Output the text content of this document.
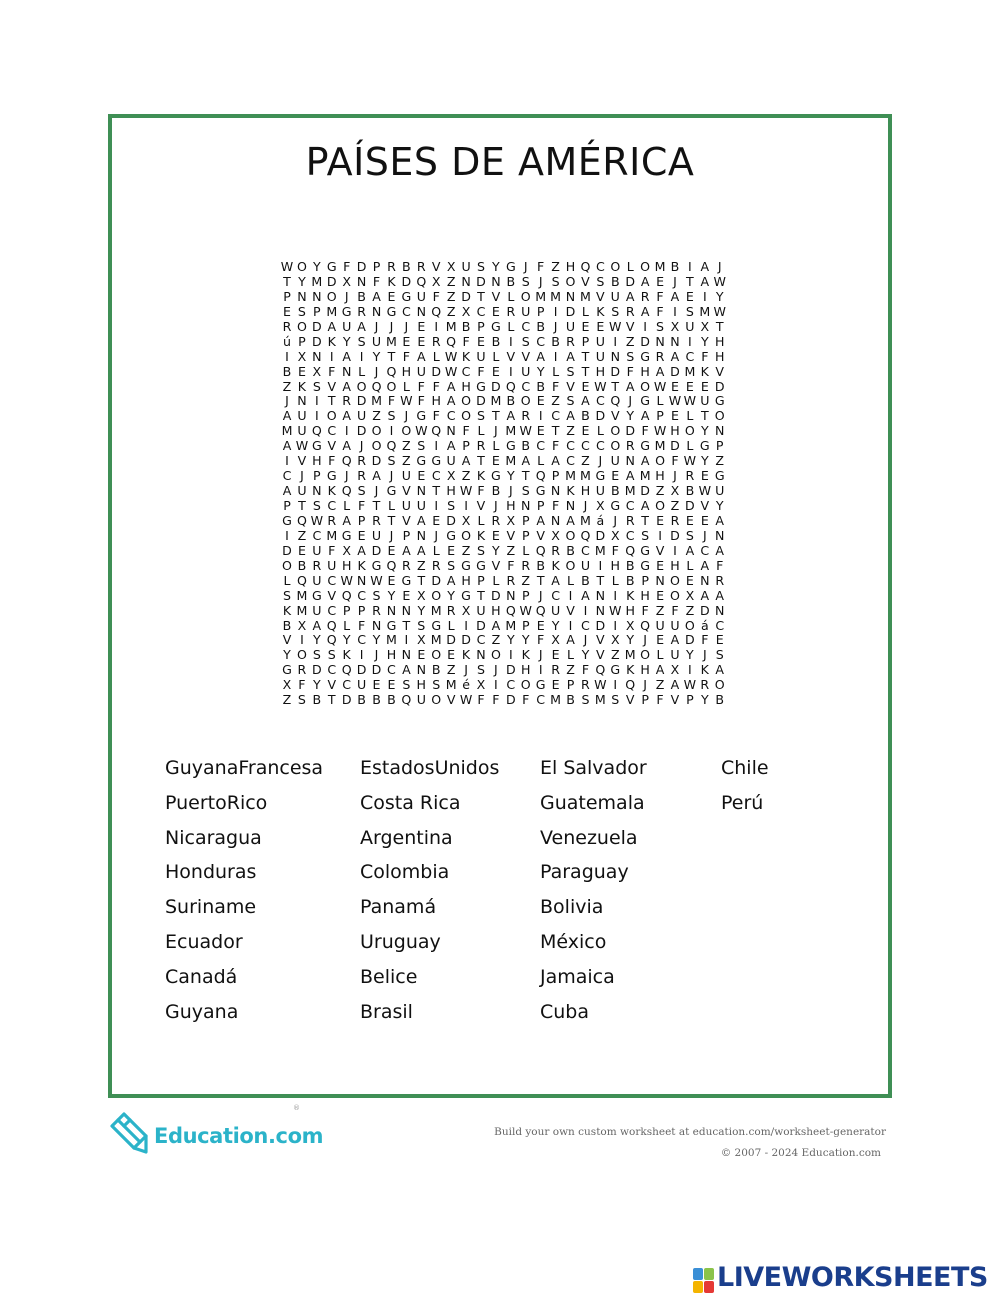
PAÍSES DE AMÉRICA
W O Y G F D P R B R V X U S Y G J F Z H Q C O L O M B I A J
T Y M D X N F K D Q X Z N D N B S J S O V S B D A E J T A W
P N N O J B A E G U F Z D T V L O M M N M V U A R F A E I Y
E S P M G R N G C N Q Z X C E R U P I D L K S R A F I S M W
R O D A U A J J J E I M B P G L C B J U E E W V I S X U X T
ú P D K Y S U M E E R Q F E B I S C B R P U I Z D N N I Y H
I X N I A I Y T F A L W K U L V V A I A T U N S G R A C F H
B E X F N L J Q H U D W C F E I U Y L S T H D F H A D M K V
Z K S V A O Q O L F F A H G D Q C B F V E W T A O W E E E D
J N I T R D M F W F H A O D M B O E Z S A C Q J G L W W U G
A U I O A U Z S J G F C O S T A R I C A B D V Y A P E L T O
M U Q C I D O I O W Q N F L J M W E T Z E L O D F W H O Y N
A W G V A J O Q Z S I A P R L G B C F C C C O R G M D L G P
I V H F Q R D S Z G G U A T E M A L A C Z J U N A O F W Y Z
C J P G J R A J U E C X Z K G Y T Q P M M G E A M H J R E G
A U N K Q S J G V N T H W F B J S G N K H U B M D Z X B W U
P T S C L F T L U U I S I V J H N P F N J X G C A O Z D V Y
G Q W R A P R T V A E D X L R X P A N A M á J R T E R E E A
I Z C M G E U J P N J G O K E V P V X O Q D X C S I D S J N
D E U F X A D E A A L E Z S Y Z L Q R B C M F Q G V I A C A
O B R U H K G Q R Z R S G G V F R B K O U I H B G E H L A F
L Q U C W N W E G T D A H P L R Z T A L B T L B P N O E N R
S M G V Q C S Y E X O Y G T D N P J C I A N I K H E O X A A
K M U C P P R N N Y M R X U H Q W Q U V I N W H F Z F Z D N
B X A Q L F N G T S G L I D A M P E Y I C D I X Q U U O á C
V I Y Q Y C Y M I X M D D C Z Y Y F X A J V X Y J E A D F E
Y O S S K I J H N E O E K N O I K J E L Y V Z M O L U Y J S
G R D C Q D D C A N B Z J S J D H I R Z F Q G K H A X I K A
X F Y V C U E E S H S M é X I C O G E P R W I Q J Z A W R O
Z S B T D B B B Q U O V W F F D F C M B S M S V P F V P Y B
GuyanaFrancesa
PuertoRico
Nicaragua
Honduras
Suriname
Ecuador
Canadá
Guyana
EstadosUnidos
Costa Rica
Argentina
Colombia
Panamá
Uruguay
Belice
Brasil
El Salvador
Guatemala
Venezuela
Paraguay
Bolivia
México
Jamaica
Cuba
Chile
Perú
Education.com
®
Build your own custom worksheet at education.com/worksheet-generator
© 2007 - 2024 Education.com
LIVEWORKSHEETS
